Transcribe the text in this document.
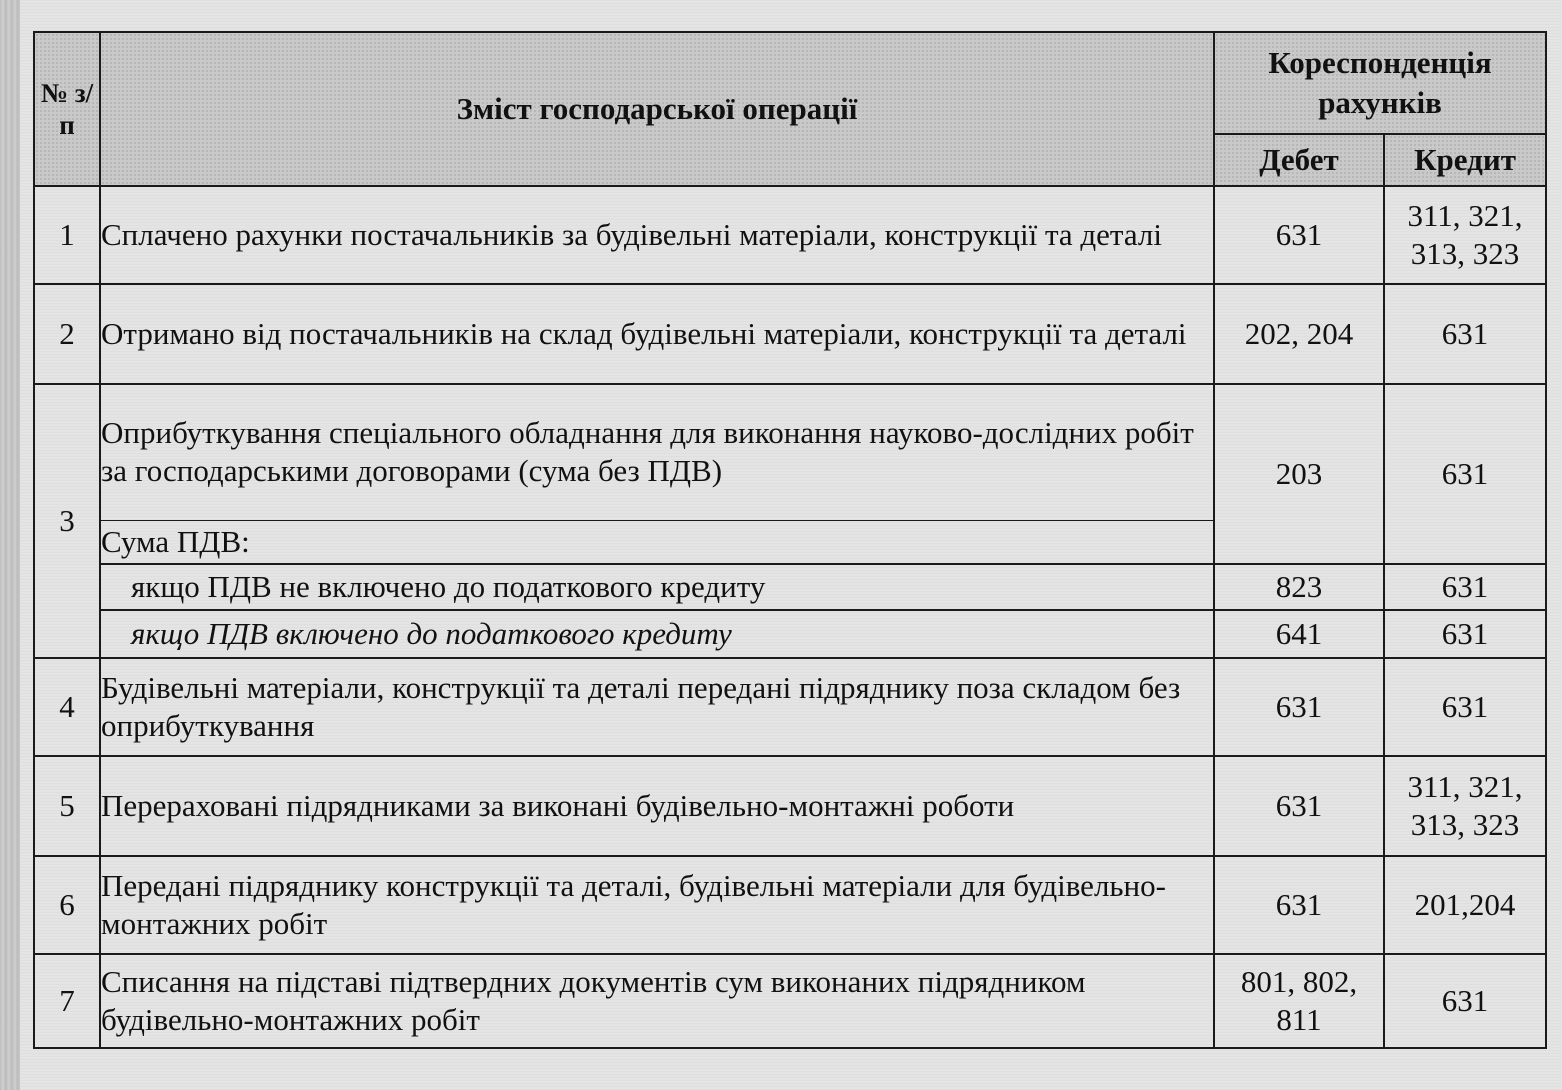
№ з/п	Зміст господарської операції	Кореспонденція рахунків	
		Дебет	Кредит
1	Сплачено рахунки постачальників за будівельні матеріали, конструкції та деталі	631	311, 321, 313, 323
2	Отримано від постачальників на склад будівельні матеріали, конструкції та деталі	202, 204	631
3	Оприбуткування спеціального обладнання для виконання науково-дослідних робіт за господарськими договорами (сума без ПДВ)	203	631
	Сума ПДВ:		
	якщо ПДВ не включено до податкового кредиту	823	631
	якщо ПДВ включено до податкового кредиту	641	631
4	Будівельні матеріали, конструкції та деталі передані підряднику поза складом без оприбуткування	631	631
5	Перераховані підрядниками за виконані будівельно-монтажні роботи	631	311, 321, 313, 323
6	Передані підряднику конструкції та деталі, будівельні матеріали для будівельно-монтажних робіт	631	201,204
7	Списання на підставі підтвердних документів сум виконаних підрядником будівельно-монтажних робіт	801, 802, 811	631
